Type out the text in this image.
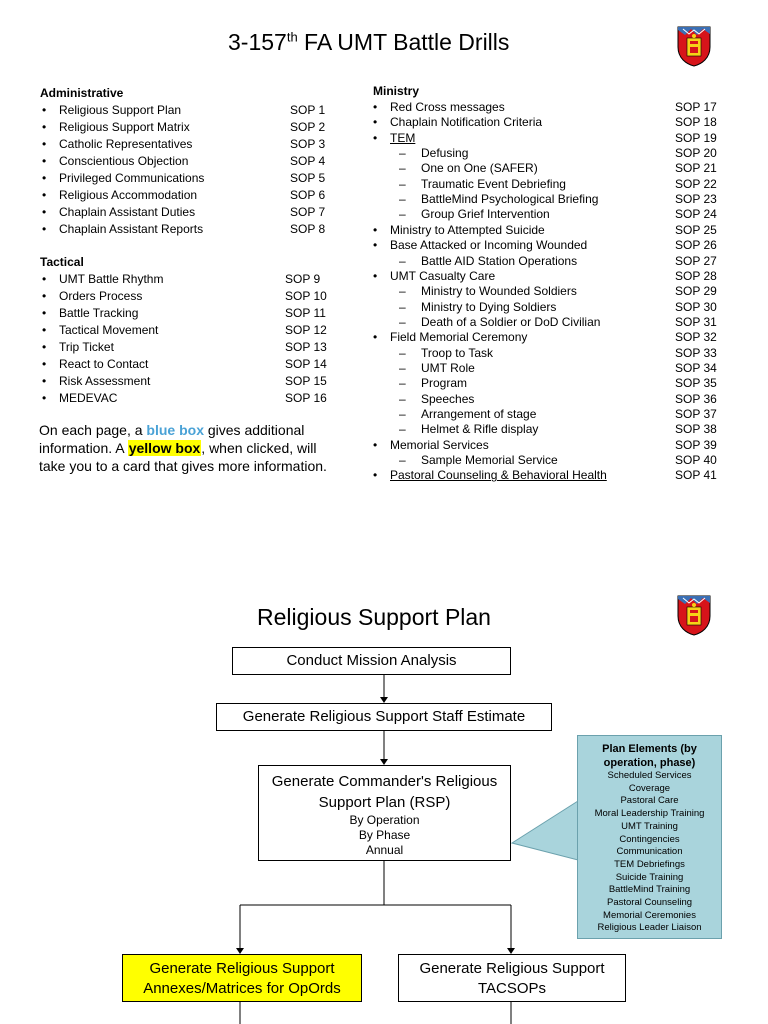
3-157th FA UMT Battle Drills
Administrative
• Religious Support Plan	SOP 1
• Religious Support Matrix	SOP 2
• Catholic Representatives	SOP 3
• Conscientious Objection	SOP 4
• Privileged Communications	SOP 5
• Religious Accommodation	SOP 6
• Chaplain Assistant Duties	SOP 7
• Chaplain Assistant Reports	SOP 8
Tactical
• UMT Battle Rhythm	SOP 9
• Orders Process	SOP 10
• Battle Tracking	SOP 11
• Tactical Movement	SOP 12
• Trip Ticket	SOP 13
• React to Contact	SOP 14
• Risk Assessment	SOP 15
• MEDEVAC	SOP 16
On each page, a blue box gives additional information. A yellow box, when clicked, will take you to a card that gives more information.
Ministry
• Red Cross messages	SOP 17
• Chaplain Notification Criteria	SOP 18
• TEM	SOP 19
– Defusing	SOP 20
– One on One (SAFER)	SOP 21
– Traumatic Event Debriefing	SOP 22
– BattleMind Psychological Briefing	SOP 23
– Group Grief Intervention	SOP 24
• Ministry to Attempted Suicide	SOP 25
• Base Attacked or Incoming Wounded	SOP 26
– Battle AID Station Operations	SOP 27
• UMT Casualty Care	SOP 28
– Ministry to Wounded Soldiers	SOP 29
– Ministry to Dying Soldiers	SOP 30
– Death of a Soldier or DoD Civilian	SOP 31
• Field Memorial Ceremony	SOP 32
– Troop to Task	SOP 33
– UMT Role	SOP 34
– Program	SOP 35
– Speeches	SOP 36
– Arrangement of stage	SOP 37
– Helmet & Rifle display	SOP 38
• Memorial Services	SOP 39
– Sample Memorial Service	SOP 40
• Pastoral Counseling & Behavioral Health	SOP 41
Religious Support Plan
Conduct Mission Analysis
Generate Religious Support Staff Estimate
Generate Commander's Religious Support Plan (RSP)
By Operation
By Phase
Annual
Plan Elements (by operation, phase)
Scheduled Services
Coverage
Pastoral Care
Moral Leadership Training
UMT Training
Contingencies
Communication
TEM Debriefings
Suicide Training
BattleMind Training
Pastoral Counseling
Memorial Ceremonies
Religious Leader Liaison
Generate Religious Support Annexes/Matrices for OpOrds
Generate Religious Support TACSOPs
